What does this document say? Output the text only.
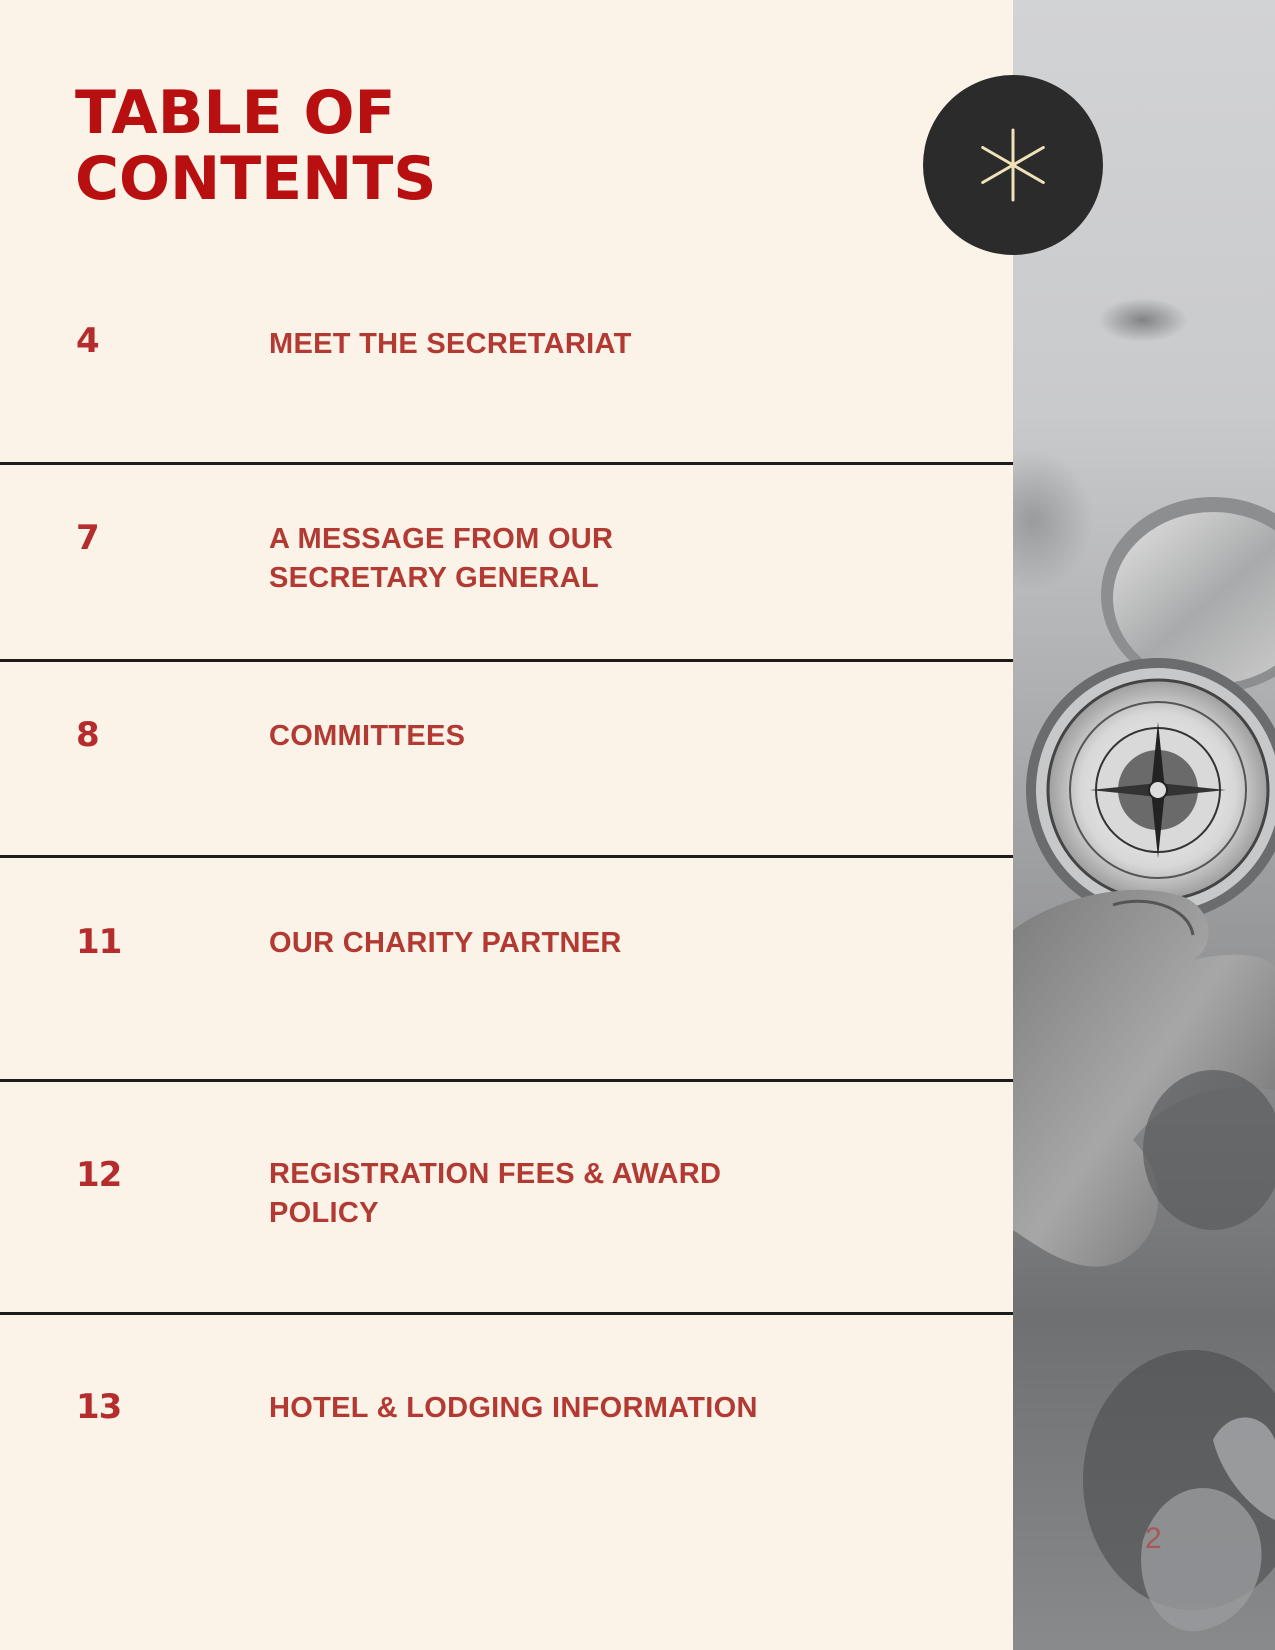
TABLE OF
CONTENTS
4	MEET THE SECRETARIAT
7	A MESSAGE FROM OUR
SECRETARY GENERAL
8	COMMITTEES
11	OUR CHARITY PARTNER
12	REGISTRATION FEES & AWARD
POLICY
13	HOTEL & LODGING INFORMATION
2
